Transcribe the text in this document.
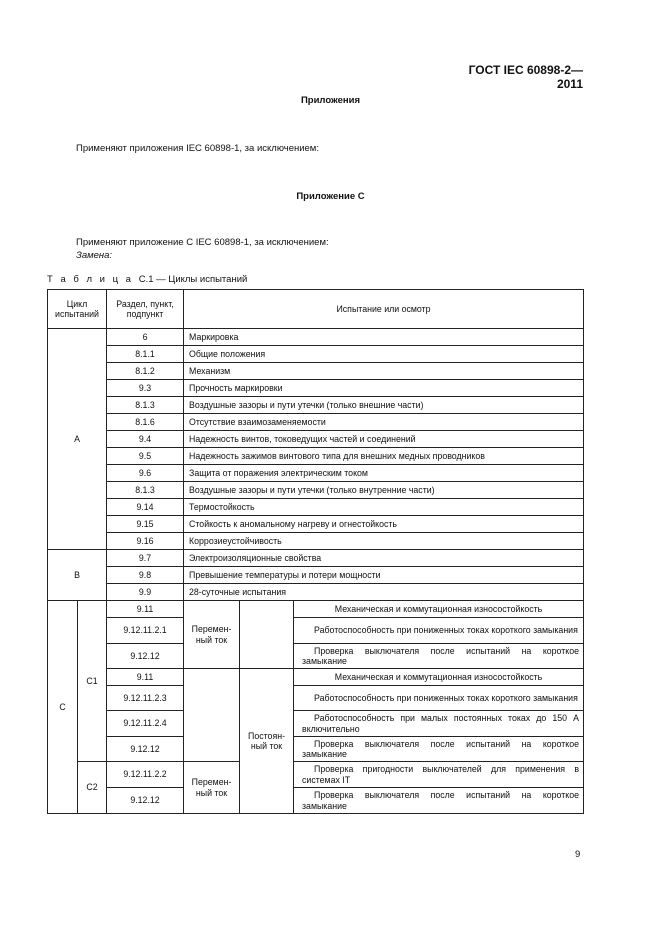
ГОСТ IEC 60898-2—2011
Приложения
Применяют приложения IEC 60898-1, за исключением:
Приложение С
Применяют приложение С IEC 60898-1, за исключением:
Замена:
Т а б л и ц а С.1 — Циклы испытаний
Цикл испытаний		Раздел, пункт, подпункт	Испытание или осмотр		
А		6	Маркировка		
		8.1.1	Общие положения		
		8.1.2	Механизм		
		9.3	Прочность маркировки		
		8.1.3	Воздушные зазоры и пути утечки (только внешние части)		
		8.1.6	Отсутствие взаимозаменяемости		
		9.4	Надежность винтов, токоведущих частей и соединений		
		9.5	Надежность зажимов винтового типа для внешних медных проводников		
		9.6	Защита от поражения электрическим током		
		8.1.3	Воздушные зазоры и пути утечки (только внутренние части)		
		9.14	Термостойкость		
		9.15	Стойкость к аномальному нагреву и огнестойкость		
		9.16	Коррозиеустойчивость		
В		9.7	Электроизоляционные свойства		
		9.8	Превышение температуры и потери мощности		
		9.9	28-суточные испытания		
С	С1	9.11	Перемен-ный ток		Механическая и коммутационная износостойкость
		9.12.11.2.1			Работоспособность при пониженных токах короткого замыкания
		9.12.12			Проверка выключателя после испытаний на короткое замыкание
		9.11		Постоян-ный ток	Механическая и коммутационная износостойкость
		9.12.11.2.3			Работоспособность при пониженных токах короткого замыкания
		9.12.11.2.4			Работоспособность при малых постоянных токах до 150 А включительно
		9.12.12			Проверка выключателя после испытаний на короткое замыкание
	С2	9.12.11.2.2	Перемен-ный ток		Проверка пригодности выключателей для применения в системах IT
		9.12.12			Проверка выключателя после испытаний на короткое замыкание
9
